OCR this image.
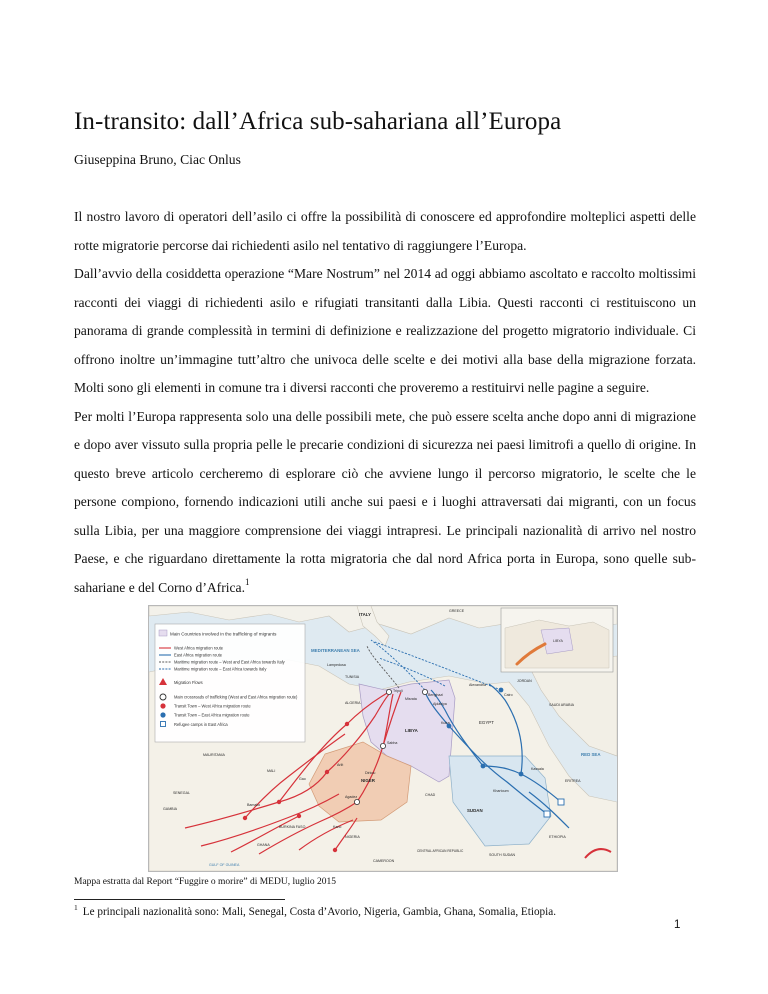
In-transito: dall’Africa sub-sahariana all’Europa
Giuseppina Bruno, Ciac Onlus

Il nostro lavoro di operatori dell’asilo ci offre la possibilità di conoscere ed approfondire molteplici aspetti delle rotte migratorie percorse dai richiedenti asilo nel tentativo di raggiungere l’Europa.

Dall’avvio della cosiddetta operazione “Mare Nostrum” nel 2014 ad oggi abbiamo ascoltato e raccolto moltissimi racconti dei viaggi di richiedenti asilo e rifugiati transitanti dalla Libia. Questi racconti ci restituiscono un panorama di grande complessità in termini di definizione e realizzazione del progetto migratorio individuale. Ci offrono inoltre un’immagine tutt’altro che univoca delle scelte e dei motivi alla base della migrazione forzata. Molti sono gli elementi in comune tra i diversi racconti che proveremo a restituirvi nelle pagine a seguire.

Per molti l’Europa rappresenta solo una delle possibili mete, che può essere scelta anche dopo anni di migrazione e dopo aver vissuto sulla propria pelle le precarie condizioni di sicurezza nei paesi limitrofi a quello di origine. In questo breve articolo cercheremo di esplorare ciò che avviene lungo il percorso migratorio, le scelte che le persone compiono, fornendo indicazioni utili anche sui paesi e i luoghi attraversati dai migranti, con un focus sulla Libia, per una maggiore comprensione dei viaggi intrapresi. Le principali nazionalità di arrivo nel nostro Paese, e che riguardano direttamente la rotta migratoria che dal nord Africa porta in Europa, sono quelle sub-sahariane e del Corno d’Africa.$^1$

Main Countries involved in the trafficking of migrants
West Africa migration route
East Africa migration route
Maritime migration route – West and East Africa towards Italy
Maritime migration route – East Africa towards Italy
Migration Flows
Main crossroads of trafficking (West and East Africa migration route)
Transit Town – West Africa migration route
Transit Town – East Africa migration route
Refugee camps in East Africa
LIBYA
ITALY
GREECE
MEDITERRANEAN SEA
Lampedusa
TUNISIA
Tripoli
Misrata
Benghazi
Ajdabiya
Alexandria
Cairo
JORDAN
SAUDI ARABIA
LIBYA
EGYPT
ALGERIA
Sabha
Kufra
NIGER
Dirkou
Arlit
Agadez
Gao
MALI
MAURITANIA
SENEGAL
GAMBIA
Bamako
BURKINA FASO
GHANA
Kano
NIGERIA
CHAD
SUDAN
Khartoum
Kassala
ERITREA
RED SEA
ETHIOPIA
CENTRAL AFRICAN REPUBLIC
SOUTH SUDAN
CAMEROON
GULF OF GUINEA
Mappa estratta dal Report “Fuggire o morire” di MEDU, luglio 2015
$^1$ Le principali nazionalità sono: Mali, Senegal, Costa d’Avorio, Nigeria, Gambia, Ghana, Somalia, Etiopia.
1
